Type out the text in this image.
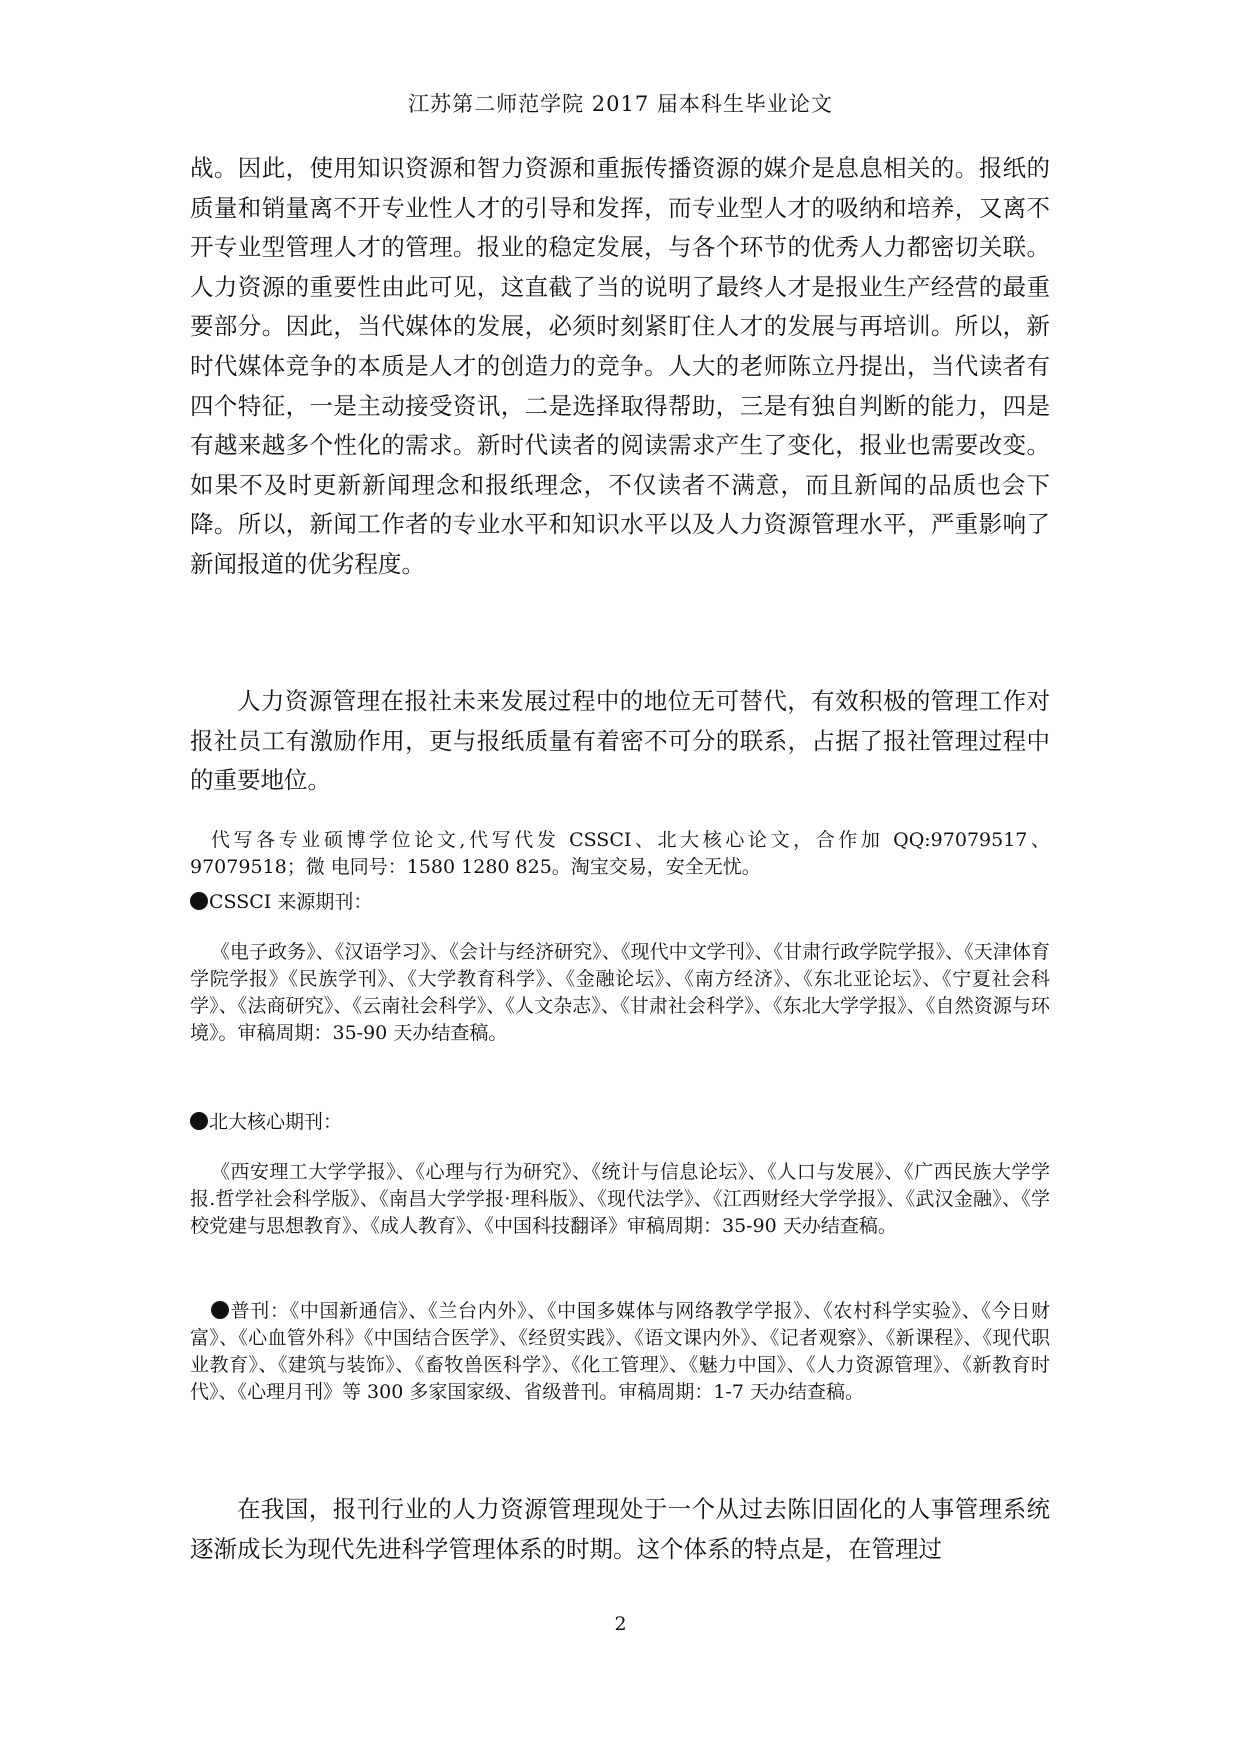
江苏第二师范学院 2017 届本科生毕业论文

战。因此，使用知识资源和智力资源和重振传播资源的媒介是息息相关的。报纸的质量和销量离不开专业性人才的引导和发挥，而专业型人才的吸纳和培养，又离不开专业型管理人才的管理。报业的稳定发展，与各个环节的优秀人力都密切关联。人力资源的重要性由此可见，这直截了当的说明了最终人才是报业生产经营的最重要部分。因此，当代媒体的发展，必须时刻紧盯住人才的发展与再培训。所以，新时代媒体竞争的本质是人才的创造力的竞争。人大的老师陈立丹提出，当代读者有四个特征，一是主动接受资讯，二是选择取得帮助，三是有独自判断的能力，四是有越来越多个性化的需求。新时代读者的阅读需求产生了变化，报业也需要改变。如果不及时更新新闻理念和报纸理念，不仅读者不满意，而且新闻的品质也会下降。所以，新闻工作者的专业水平和知识水平以及人力资源管理水平，严重影响了新闻报道的优劣程度。

人力资源管理在报社未来发展过程中的地位无可替代，有效积极的管理工作对报社员工有激励作用，更与报纸质量有着密不可分的联系，占据了报社管理过程中的重要地位。

代写各专业硕博学位论文,代写代发 CSSCI、北大核心论文，合作加 QQ:97079517、97079518；微 电同号：1580 1280 825。淘宝交易，安全无忧。

CSSCI 来源期刊：

《电子政务》、《汉语学习》、《会计与经济研究》、《现代中文学刊》、《甘肃行政学院学报》、《天津体育学院学报》《民族学刊》、《大学教育科学》、《金融论坛》、《南方经济》、《东北亚论坛》、《宁夏社会科学》、《法商研究》、《云南社会科学》、《人文杂志》、《甘肃社会科学》、《东北大学学报》、《自然资源与环境》。审稿周期：35-90 天办结查稿。

北大核心期刊：

《西安理工大学学报》、《心理与行为研究》、《统计与信息论坛》、《人口与发展》、《广西民族大学学报.哲学社会科学版》、《南昌大学学报·理科版》、《现代法学》、《江西财经大学学报》、《武汉金融》、《学校党建与思想教育》、《成人教育》、《中国科技翻译》审稿周期：35-90 天办结查稿。

普刊：《中国新通信》、《兰台内外》、《中国多媒体与网络教学学报》、《农村科学实验》、《今日财富》、《心血管外科》《中国结合医学》、《经贸实践》、《语文课内外》、《记者观察》、《新课程》、《现代职业教育》、《建筑与装饰》、《畜牧兽医科学》、《化工管理》、《魅力中国》、《人力资源管理》、《新教育时代》、《心理月刊》等 300 多家国家级、省级普刊。审稿周期：1-7 天办结查稿。

在我国，报刊行业的人力资源管理现处于一个从过去陈旧固化的人事管理系统逐渐成长为现代先进科学管理体系的时期。这个体系的特点是，在管理过

2
